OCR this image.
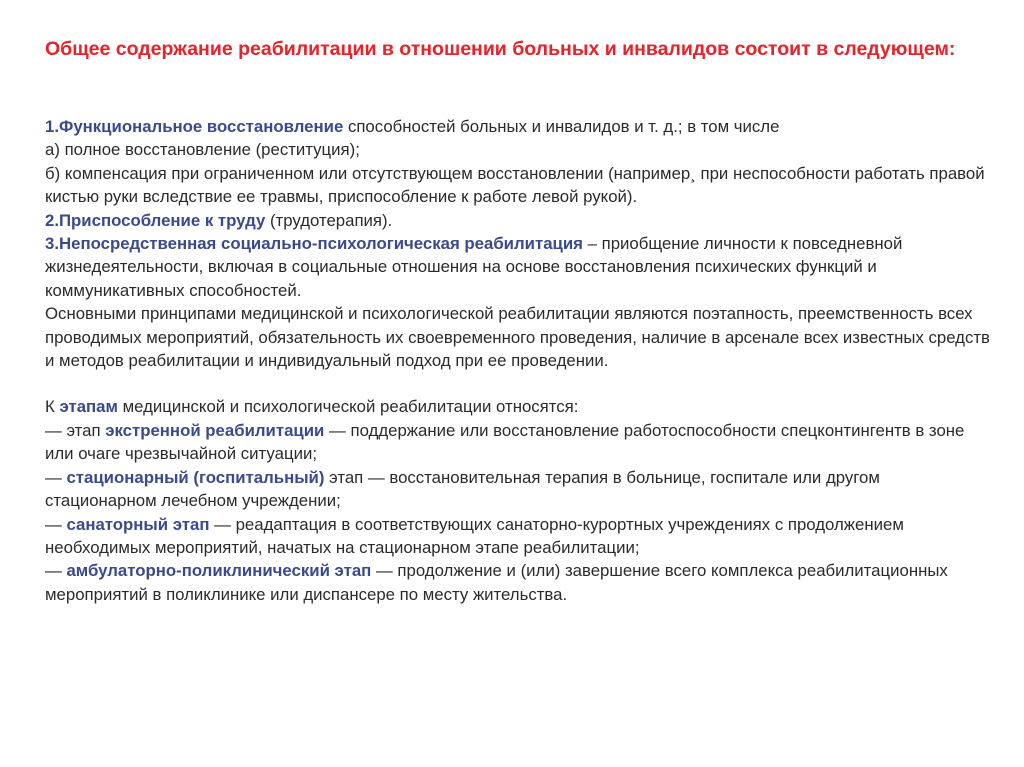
Общее содержание реабилитации в отношении больных и инвалидов состоит в следующем:

1.Функциональное восстановление способностей больных и инвалидов и т. д.; в том числе

а) полное восстановление (реституция);

б) компенсация при ограниченном или отсутствующем восстановлении (например¸ при неспособности работать правой кистью руки вследствие ее травмы, приспособление к работе левой рукой).

2.Приспособление к труду (трудотерапия).

3.Непосредственная социально-психологическая реабилитация – приобщение личности к повседневной жизнедеятельности, включая в социальные отношения на основе восстановления психических функций и коммуникативных способностей.

Основными принципами медицинской и психологической реабилитации являются поэтапность, преемственность всех проводимых мероприятий, обязательность их своевременного проведения, наличие в арсенале всех известных средств и методов реабилитации и индивидуальный подход при ее проведении.

К этапам медицинской и психологической реабилитации относятся:

— этап экстренной реабилитации — поддержание или восстановление работоспособности спецконтингентв в зоне или очаге чрезвычайной ситуации;

— стационарный (госпитальный) этап — восстановительная терапия в больнице, госпитале или другом стационарном лечебном учреждении;

— санаторный этап — реадаптация в соответствующих санаторно-курортных учреждениях с продолжением необходимых мероприятий, начатых на стационарном этапе реабилитации;

— амбулаторно-поликлинический этап — продолжение и (или) завершение всего комплекса реабилитационных мероприятий в поликлинике или диспансере по месту жительства.
